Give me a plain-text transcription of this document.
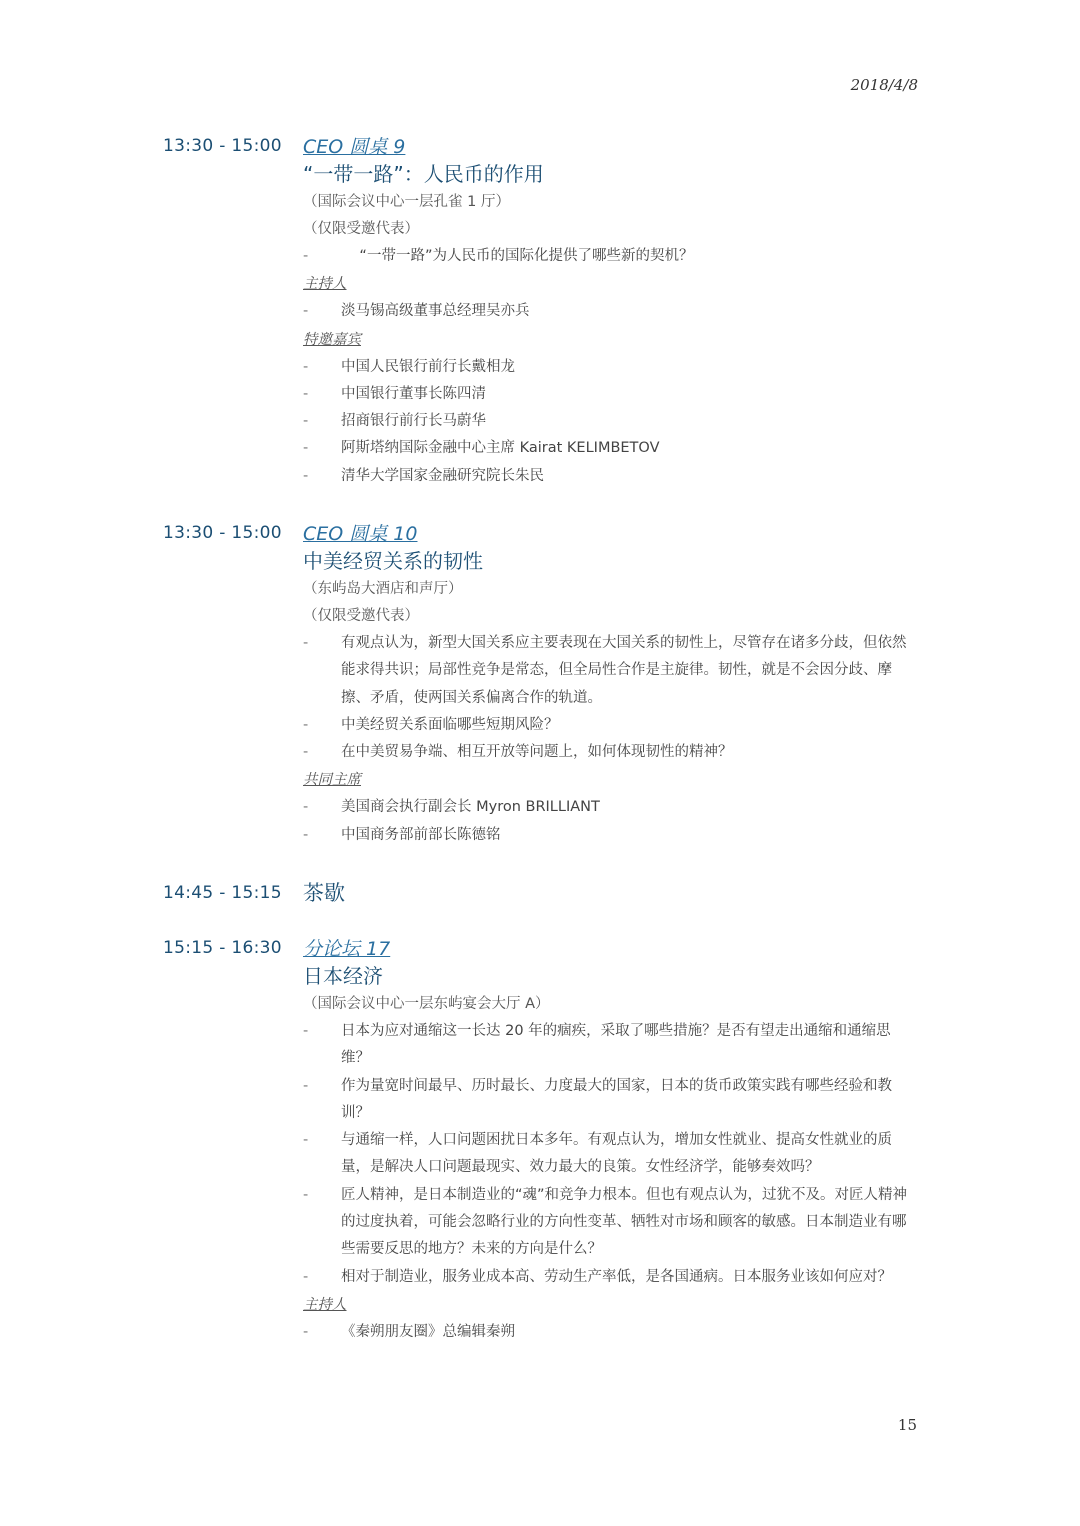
2018/4/8
13:30 - 15:00 CEO 圆桌 9
“一带一路”：人民币的作用
（国际会议中心一层孔雀 1 厅）
（仅限受邀代表）
- “一带一路”为人民币的国际化提供了哪些新的契机？
主持人
- 淡马锡高级董事总经理吴亦兵
特邀嘉宾
- 中国人民银行前行长戴相龙
- 中国银行董事长陈四清
- 招商银行前行长马蔚华
- 阿斯塔纳国际金融中心主席 Kairat KELIMBETOV
- 清华大学国家金融研究院长朱民
13:30 - 15:00 CEO 圆桌 10
中美经贸关系的韧性
（东屿岛大酒店和声厅）
（仅限受邀代表）
- 有观点认为，新型大国关系应主要表现在大国关系的韧性上，尽管存在诸多分歧，但依然能求得共识；局部性竞争是常态，但全局性合作是主旋律。韧性，就是不会因分歧、摩擦、矛盾，使两国关系偏离合作的轨道。
- 中美经贸关系面临哪些短期风险？
- 在中美贸易争端、相互开放等问题上，如何体现韧性的精神？
共同主席
- 美国商会执行副会长 Myron BRILLIANT
- 中国商务部前部长陈德铭
14:45 - 15:15 茶歇
15:15 - 16:30 分论坛 17
日本经济
（国际会议中心一层东屿宴会大厅 A）
- 日本为应对通缩这一长达 20 年的痼疾，采取了哪些措施？是否有望走出通缩和通缩思维？
- 作为量宽时间最早、历时最长、力度最大的国家，日本的货币政策实践有哪些经验和教训？
- 与通缩一样，人口问题困扰日本多年。有观点认为，增加女性就业、提高女性就业的质量，是解决人口问题最现实、效力最大的良策。女性经济学，能够奏效吗？
- 匠人精神，是日本制造业的“魂”和竞争力根本。但也有观点认为，过犹不及。对匠人精神的过度执着，可能会忽略行业的方向性变革、牺牲对市场和顾客的敏感。日本制造业有哪些需要反思的地方？未来的方向是什么？
- 相对于制造业，服务业成本高、劳动生产率低，是各国通病。日本服务业该如何应对？
主持人
- 《秦朔朋友圈》总编辑秦朔
15
